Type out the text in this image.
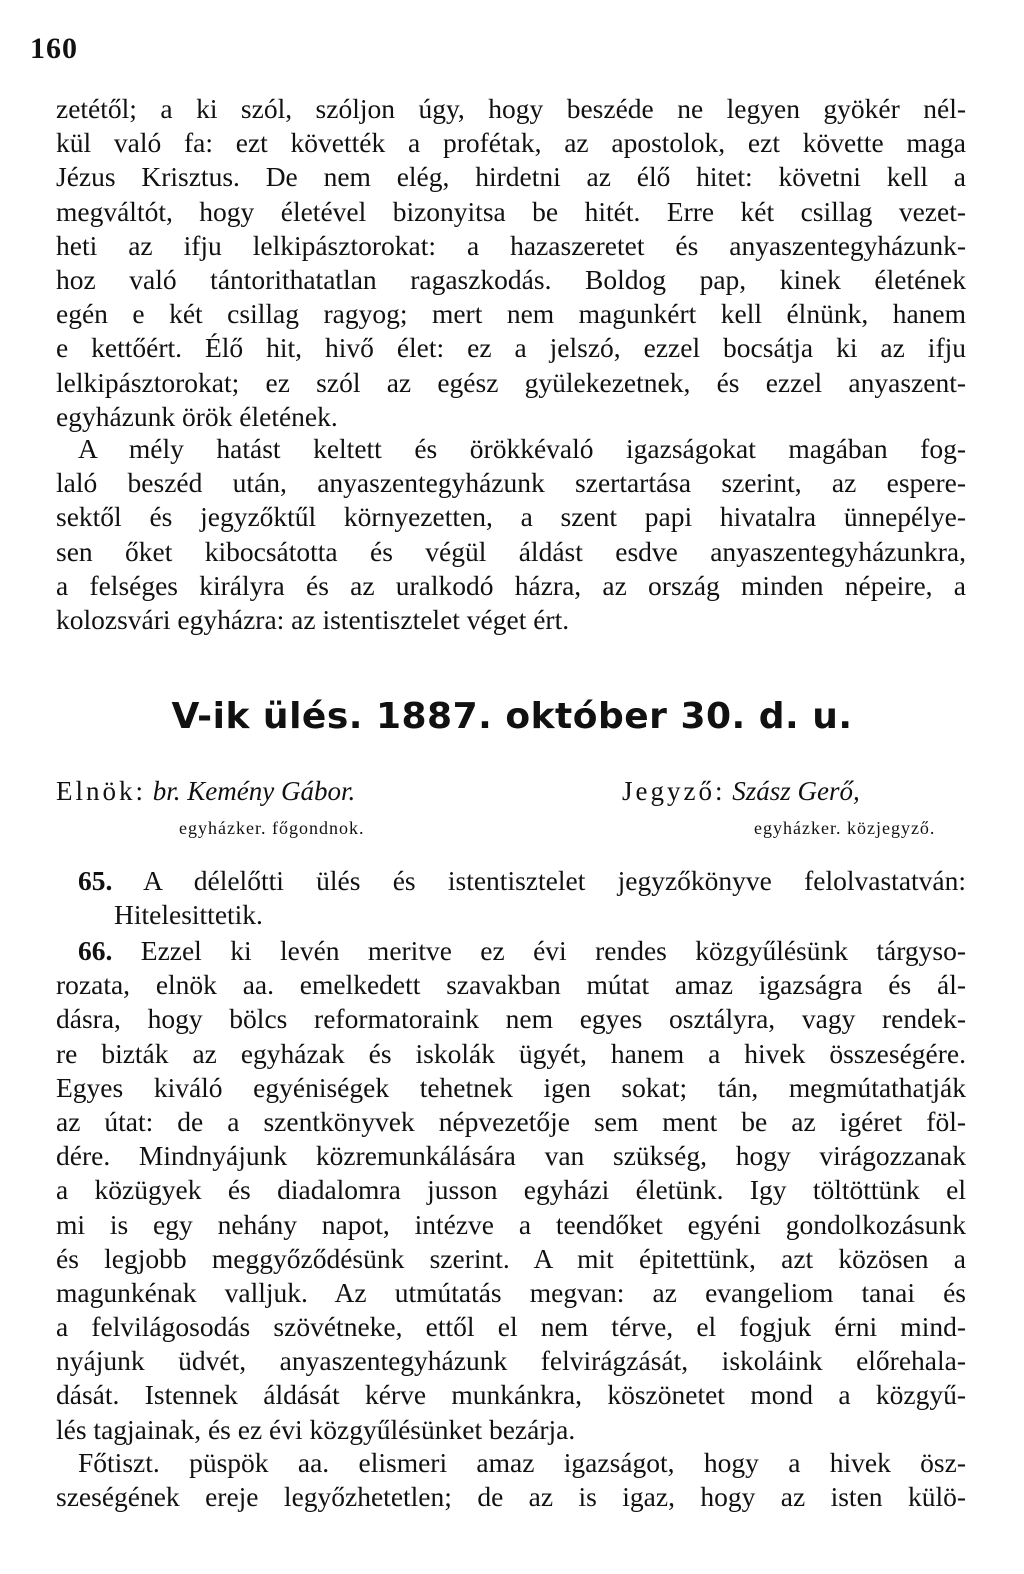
160
zetétől; a ki szól, szóljon úgy, hogy beszéde ne legyen gyökér nél-
kül való fa: ezt követték a profétak, az apostolok, ezt követte maga
Jézus Krisztus. De nem elég, hirdetni az élő hitet: követni kell a
megváltót, hogy életével bizonyitsa be hitét. Erre két csillag vezet-
heti az ifju lelkipásztorokat: a hazaszeretet és anyaszentegyházunk-
hoz való tántorithatatlan ragaszkodás. Boldog pap, kinek életének
egén e két csillag ragyog; mert nem magunkért kell élnünk, hanem
e kettőért. Élő hit, hivő élet: ez a jelszó, ezzel bocsátja ki az ifju
lelkipásztorokat; ez szól az egész gyülekezetnek, és ezzel anyaszent-
egyházunk örök életének.
A mély hatást keltett és örökkévaló igazságokat magában fog-
laló beszéd után, anyaszentegyházunk szertartása szerint, az espere-
sektől és jegyzőktűl környezetten, a szent papi hivatalra ünnepélye-
sen őket kibocsátotta és végül áldást esdve anyaszentegyházunkra,
a felséges királyra és az uralkodó házra, az ország minden népeire, a
kolozsvári egyházra: az istentisztelet véget ért.
V-ik ülés. 1887. október 30. d. u.
Elnök: br. Kemény Gábor.
egyházker. főgondnok.
Jegyző: Szász Gerő,
egyházker. közjegyző.
65. A délelőtti ülés és istentisztelet jegyzőkönyve felolvastatván:
Hitelesittetik.
66. Ezzel ki levén meritve ez évi rendes közgyűlésünk tárgyso-
rozata, elnök aa. emelkedett szavakban mútat amaz igazságra és ál-
dásra, hogy bölcs reformatoraink nem egyes osztályra, vagy rendek-
re bizták az egyházak és iskolák ügyét, hanem a hivek összeségére.
Egyes kiváló egyéniségek tehetnek igen sokat; tán, megmútathatják
az útat: de a szentkönyvek népvezetője sem ment be az igéret föl-
dére. Mindnyájunk közremunkálására van szükség, hogy virágozzanak
a közügyek és diadalomra jusson egyházi életünk. Igy töltöttünk el
mi is egy nehány napot, intézve a teendőket egyéni gondolkozásunk
és legjobb meggyőződésünk szerint. A mit épitettünk, azt közösen a
magunkénak valljuk. Az utmútatás megvan: az evangeliom tanai és
a felvilágosodás szövétneke, ettől el nem térve, el fogjuk érni mind-
nyájunk üdvét, anyaszentegyházunk felvirágzását, iskoláink előrehala-
dását. Istennek áldását kérve munkánkra, köszönetet mond a közgyű-
lés tagjainak, és ez évi közgyűlésünket bezárja.
Főtiszt. püspök aa. elismeri amaz igazságot, hogy a hivek ösz-
szeségének ereje legyőzhetetlen; de az is igaz, hogy az isten külö-
